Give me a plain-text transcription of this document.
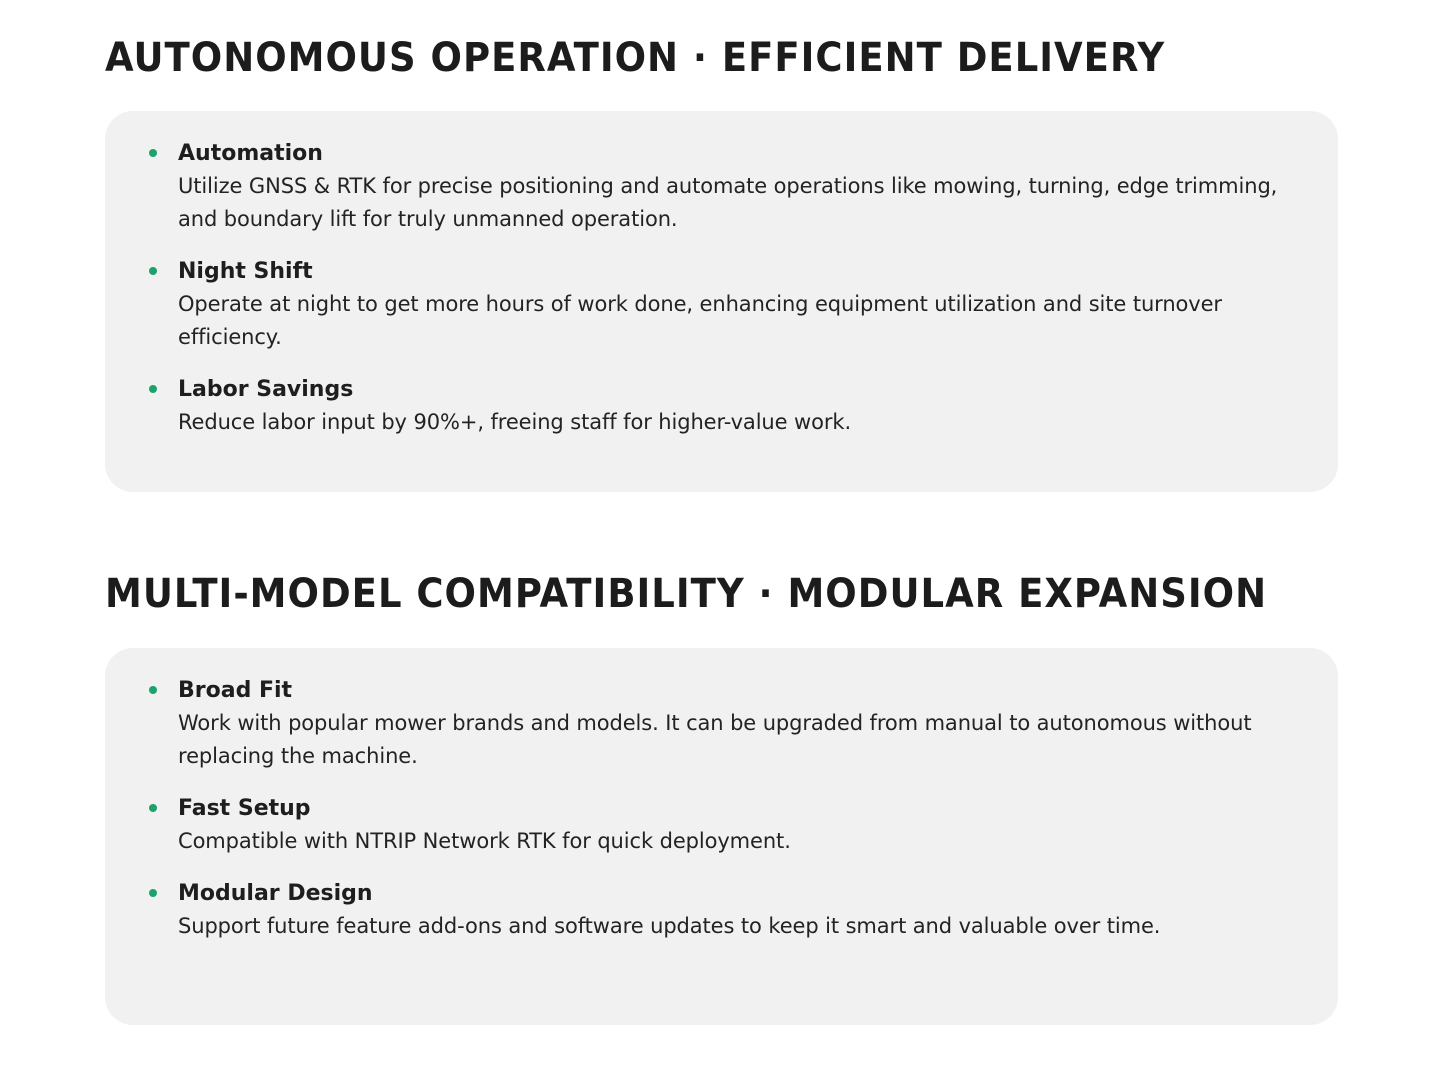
AUTONOMOUS OPERATION · EFFICIENT DELIVERY
Automation
Utilize GNSS & RTK for precise positioning and automate operations like mowing, turning, edge trimming, and boundary lift for truly unmanned operation.
Night Shift
Operate at night to get more hours of work done, enhancing equipment utilization and site turnover efficiency.
Labor Savings
Reduce labor input by 90%+, freeing staff for higher-value work.
MULTI-MODEL COMPATIBILITY · MODULAR EXPANSION
Broad Fit
Work with popular mower brands and models. It can be upgraded from manual to autonomous without replacing the machine.
Fast Setup
Compatible with NTRIP Network RTK for quick deployment.
Modular Design
Support future feature add-ons and software updates to keep it smart and valuable over time.
